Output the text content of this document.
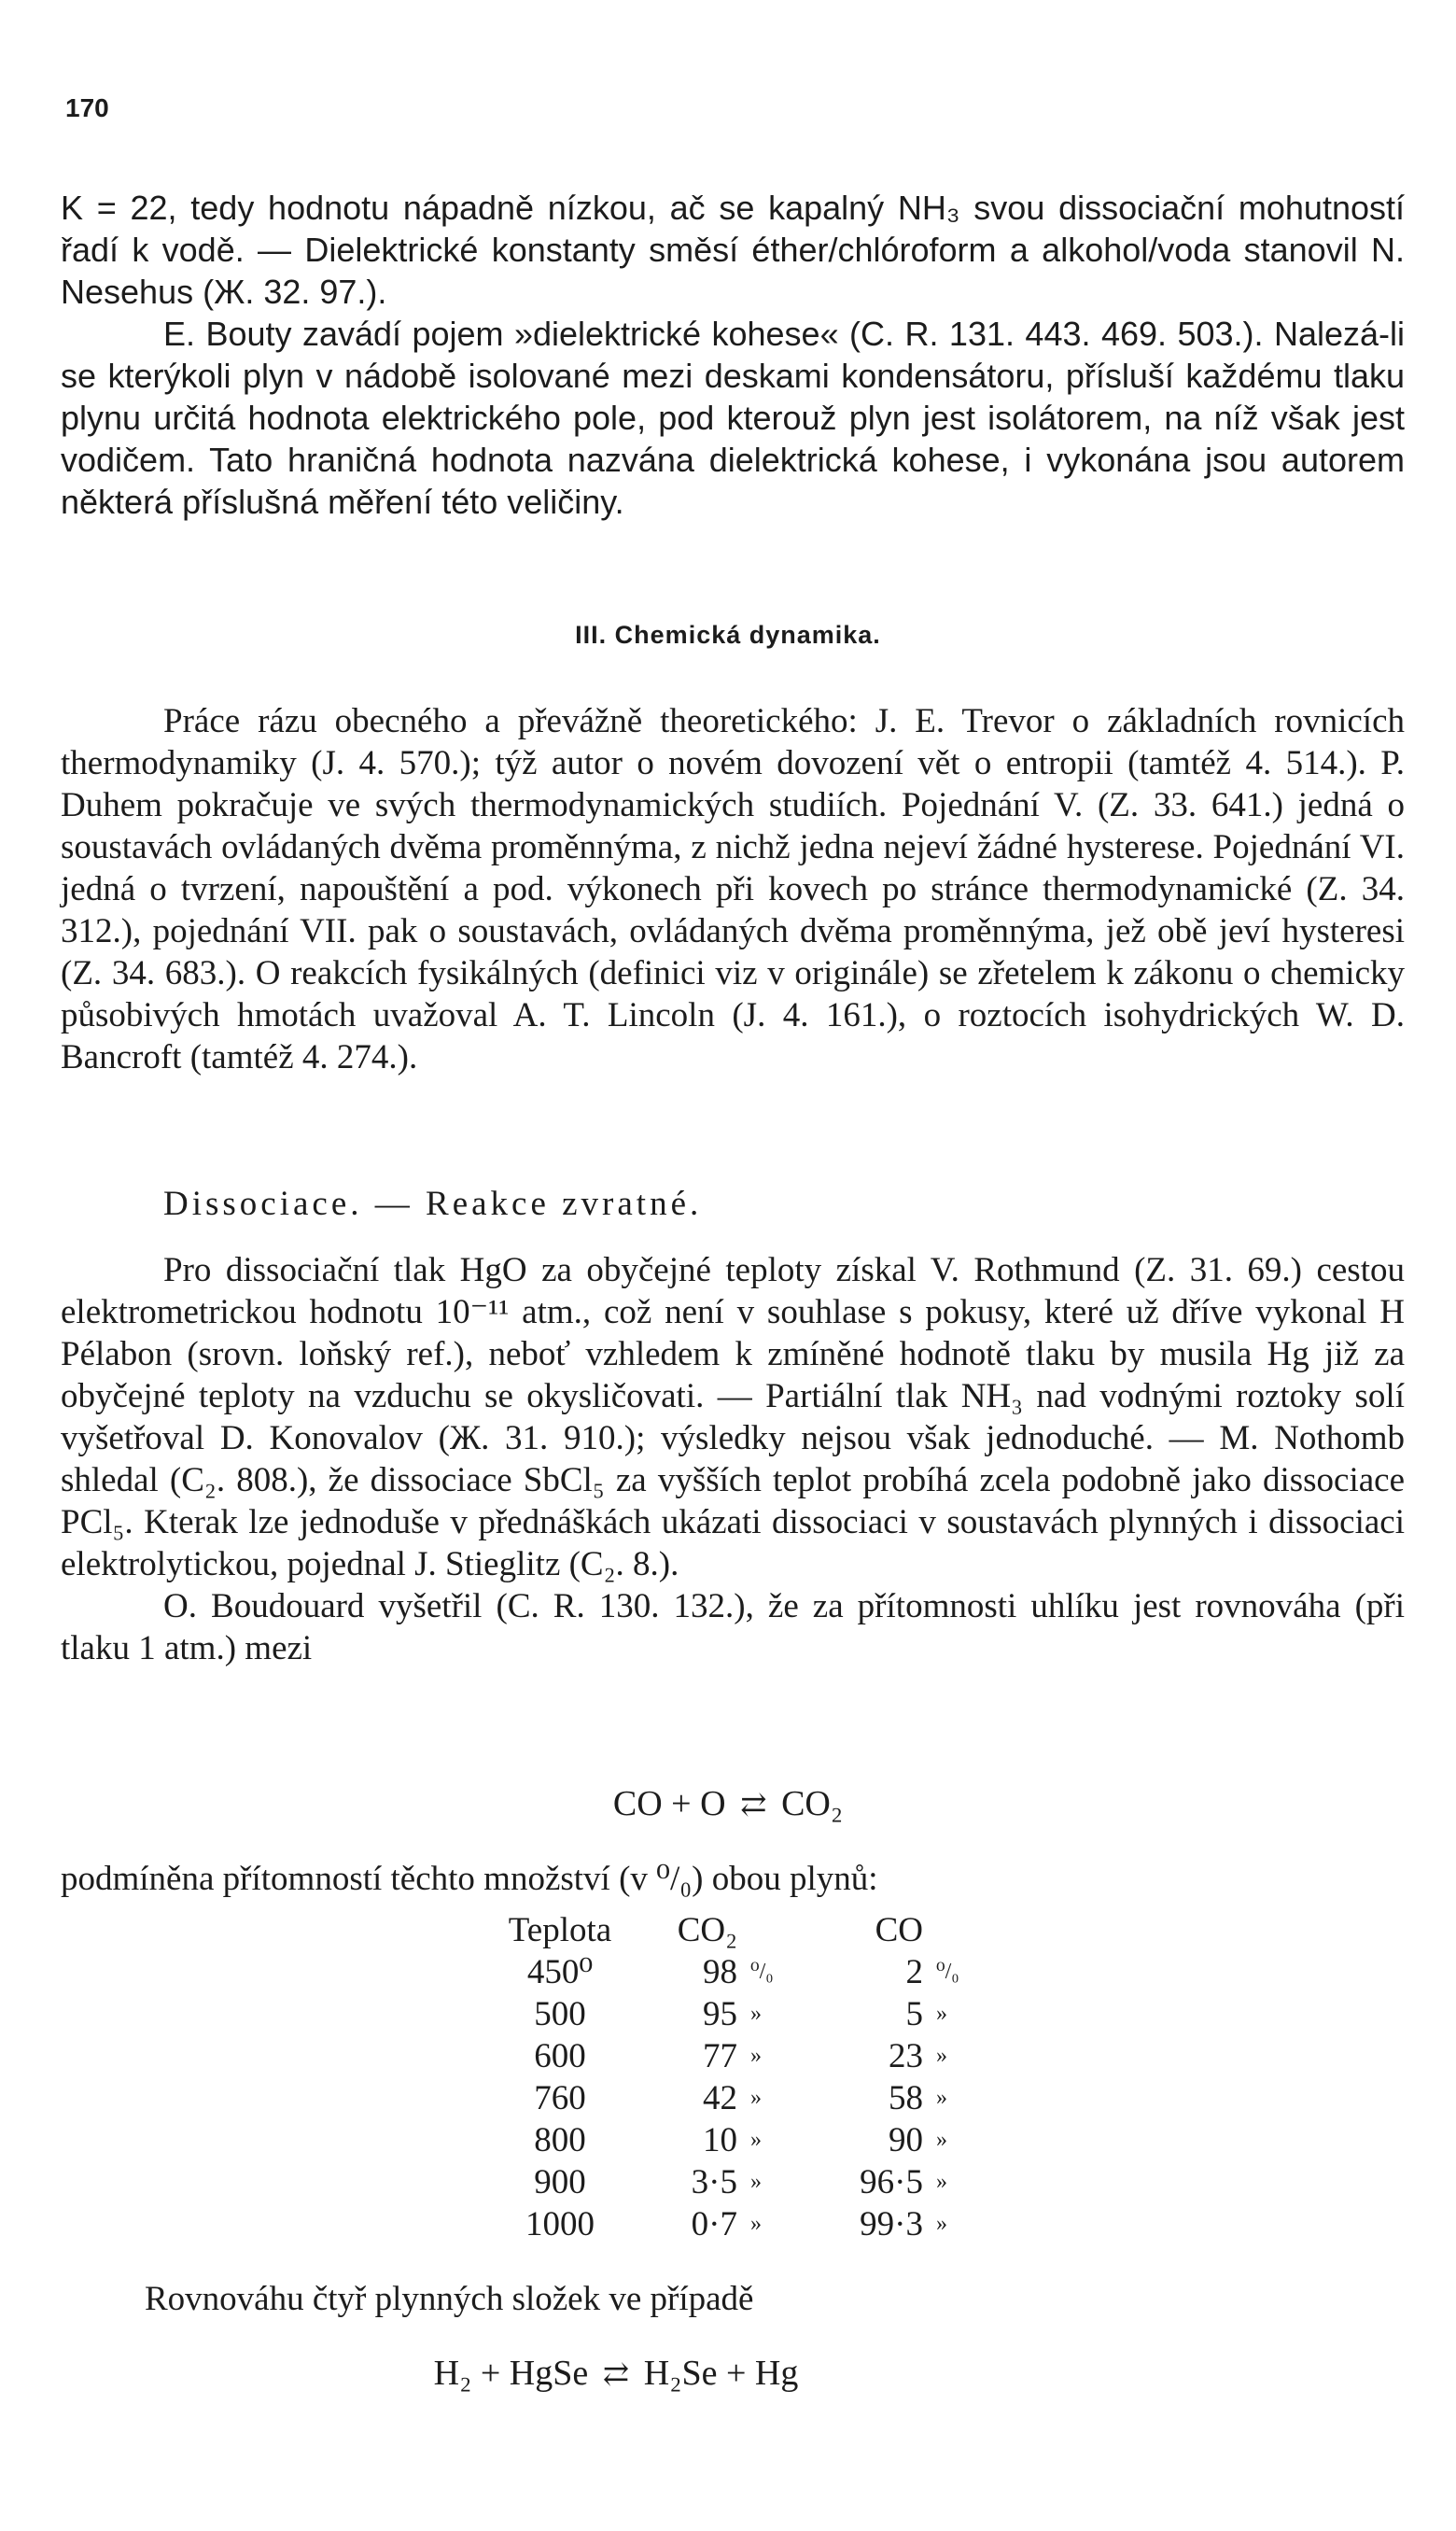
170

K = 22, tedy hodnotu nápadně nízkou, ač se kapalný NH₃ svou dissociační mohutností řadí k vodě. — Dielektrické konstanty směsí éther/chlóroform a alkohol/voda stanovil N. Nesehus (Ж. 32. 97.).

E. Bouty zavádí pojem »dielektrické kohese« (C. R. 131. 443. 469. 503.). Nalezá-li se kterýkoli plyn v nádobě isolované mezi deskami kondensátoru, přísluší každému tlaku plynu určitá hodnota elektrického pole, pod kterouž plyn jest isolátorem, na níž však jest vodičem. Tato hraničná hodnota nazvána dielektrická kohese, i vykonána jsou autorem některá příslušná měření této veličiny.

III. Chemická dynamika.

Práce rázu obecného a převážně theoretického: J. E. Trevor o základních rovnicích thermodynamiky (J. 4. 570.); týž autor o novém dovození vět o entropii (tamtéž 4. 514.). P. Duhem pokračuje ve svých thermodynamických studiích. Pojednání V. (Z. 33. 641.) jedná o soustavách ovládaných dvěma proměnnýma, z nichž jedna nejeví žádné hysterese. Pojednání VI. jedná o tvrzení, napouštění a pod. výkonech při kovech po stránce thermodynamické (Z. 34. 312.), pojednání VII. pak o soustavách, ovládaných dvěma proměnnýma, jež obě jeví hysteresi (Z. 34. 683.). O reakcích fysikálných (definici viz v originále) se zřetelem k zákonu o chemicky působivých hmotách uvažoval A. T. Lincoln (J. 4. 161.), o roztocích isohydrických W. D. Bancroft (tamtéž 4. 274.).

Dissociace. — Reakce zvratné.

Pro dissociační tlak HgO za obyčejné teploty získal V. Rothmund (Z. 31. 69.) cestou elektrometrickou hodnotu 10⁻¹¹ atm., což není v souhlase s pokusy, které už dříve vykonal H Pélabon (srovn. loňský ref.), neboť vzhledem k zmíněné hodnotě tlaku by musila Hg již za obyčejné teploty na vzduchu se okysličovati. — Partiální tlak NH₃ nad vodnými roztoky solí vyšetřoval D. Konovalov (Ж. 31. 910.); výsledky nejsou však jednoduché. — M. Nothomb shledal (C₂. 808.), že dissociace SbCl₅ za vyšších teplot probíhá zcela podobně jako dissociace PCl₅. Kterak lze jednoduše v přednáškách ukázati dissociaci v soustavách plynných i dissociaci elektrolytickou, pojednal J. Stieglitz (C₂. 8.).

O. Boudouard vyšetřil (C. R. 130. 132.), že za přítomnosti uhlíku jest rovnováha (při tlaku 1 atm.) mezi

CO + O ⇄ CO₂

podmíněna přítomností těchto množství (v ⁰/₀) obou plynů:

Teplota	CO₂		CO	
450⁰	98	⁰/₀	2	⁰/₀
500	95	»	5	»
600	77	»	23	»
760	42	»	58	»
800	10	»	90	»
900	3·5	»	96·5	»
1000	0·7	»	99·3	»

Rovnováhu čtyř plynných složek ve případě

H₂ + HgSe ⇄ H₂Se + Hg
